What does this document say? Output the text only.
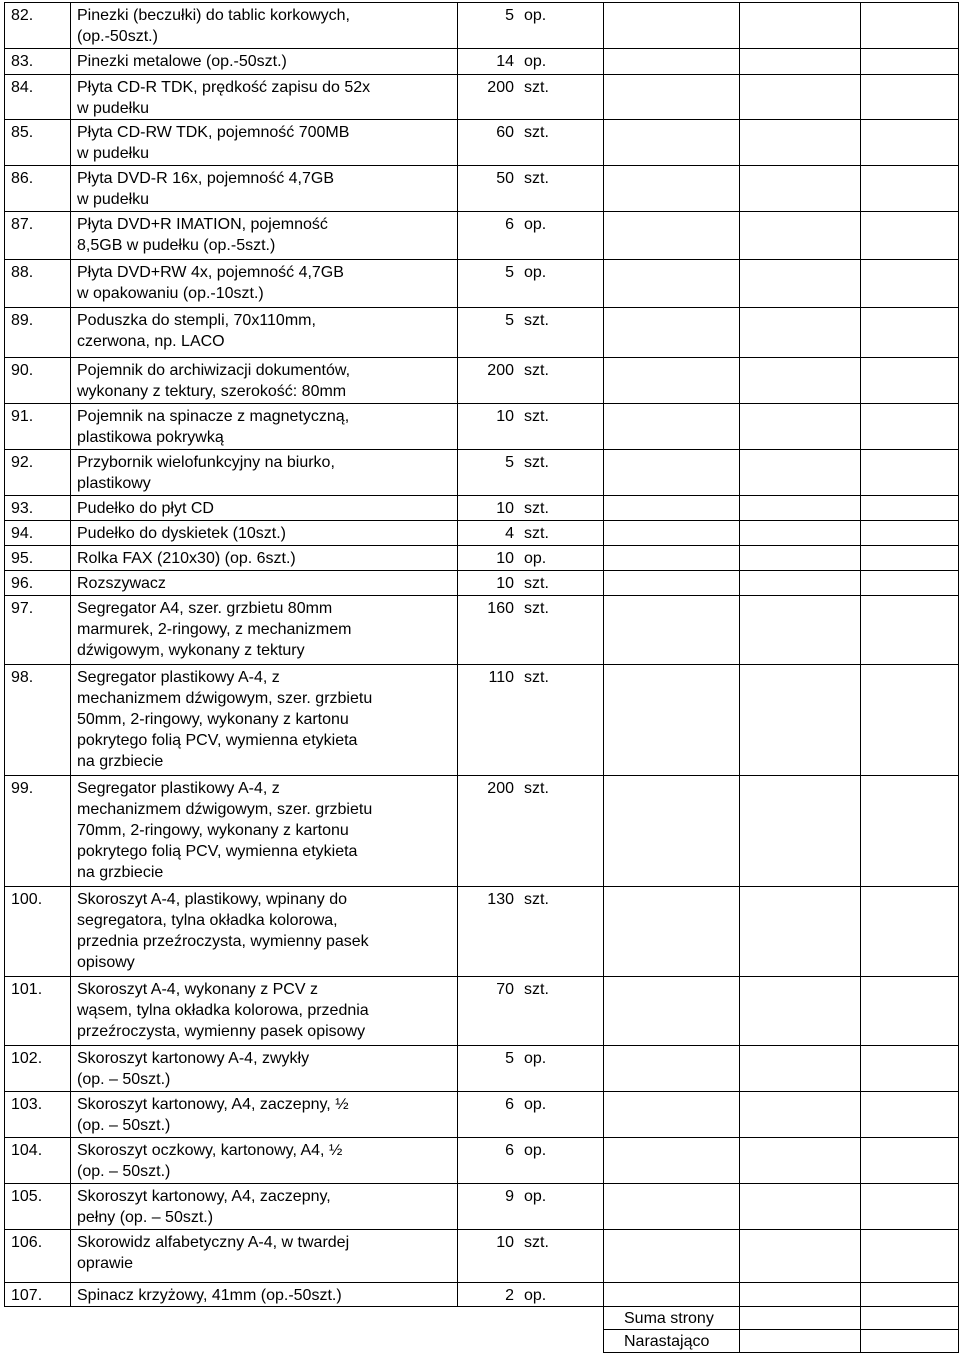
82.	Pinezki (beczułki) do tablic korkowych,
(op.-50szt.)	5 op.			
83.	Pinezki metalowe (op.-50szt.)	14 op.			
84.	Płyta CD-R TDK, prędkość zapisu do 52x
w pudełku	200 szt.			
85.	Płyta CD-RW TDK, pojemność 700MB
w pudełku	60 szt.			
86.	Płyta DVD-R 16x, pojemność 4,7GB
w pudełku	50 szt.			
87.	Płyta DVD+R IMATION, pojemność
8,5GB w pudełku (op.-5szt.)	6 op.			
88.	Płyta DVD+RW 4x, pojemność 4,7GB
w opakowaniu (op.-10szt.)	5 op.			
89.	Poduszka do stempli, 70x110mm,
czerwona, np. LACO	5 szt.			
90.	Pojemnik do archiwizacji dokumentów,
wykonany z tektury, szerokość: 80mm	200 szt.			
91.	Pojemnik na spinacze z magnetyczną,
plastikowa pokrywką	10 szt.			
92.	Przybornik wielofunkcyjny na biurko,
plastikowy	5 szt.			
93.	Pudełko do płyt CD	10 szt.			
94.	Pudełko do dyskietek (10szt.)	4 szt.			
95.	Rolka FAX (210x30) (op. 6szt.)	10 op.			
96.	Rozszywacz	10 szt.			
97.	Segregator A4, szer. grzbietu 80mm
marmurek, 2-ringowy, z mechanizmem
dźwigowym, wykonany z tektury	160 szt.			
98.	Segregator plastikowy A-4, z
mechanizmem dźwigowym, szer. grzbietu
50mm, 2-ringowy, wykonany z kartonu
pokrytego folią PCV, wymienna etykieta
na grzbiecie	110 szt.			
99.	Segregator plastikowy A-4, z
mechanizmem dźwigowym, szer. grzbietu
70mm, 2-ringowy, wykonany z kartonu
pokrytego folią PCV, wymienna etykieta
na grzbiecie	200 szt.			
100.	Skoroszyt A-4, plastikowy, wpinany do
segregatora, tylna okładka kolorowa,
przednia przeźroczysta, wymienny pasek
opisowy	130 szt.			
101.	Skoroszyt A-4, wykonany z PCV z
wąsem, tylna okładka kolorowa, przednia
przeźroczysta, wymienny pasek opisowy	70 szt.			
102.	Skoroszyt kartonowy A-4, zwykły
(op. – 50szt.)	5 op.			
103.	Skoroszyt kartonowy, A4, zaczepny, ½
(op. – 50szt.)	6 op.			
104.	Skoroszyt oczkowy, kartonowy, A4, ½
(op. – 50szt.)	6 op.			
105.	Skoroszyt kartonowy, A4, zaczepny,
pełny (op. – 50szt.)	9 op.			
106.	Skorowidz alfabetyczny A-4, w twardej
oprawie	10 szt.			
107.	Spinacz krzyżowy, 41mm (op.-50szt.)	2 op.			
			Suma strony		
			Narastająco		
